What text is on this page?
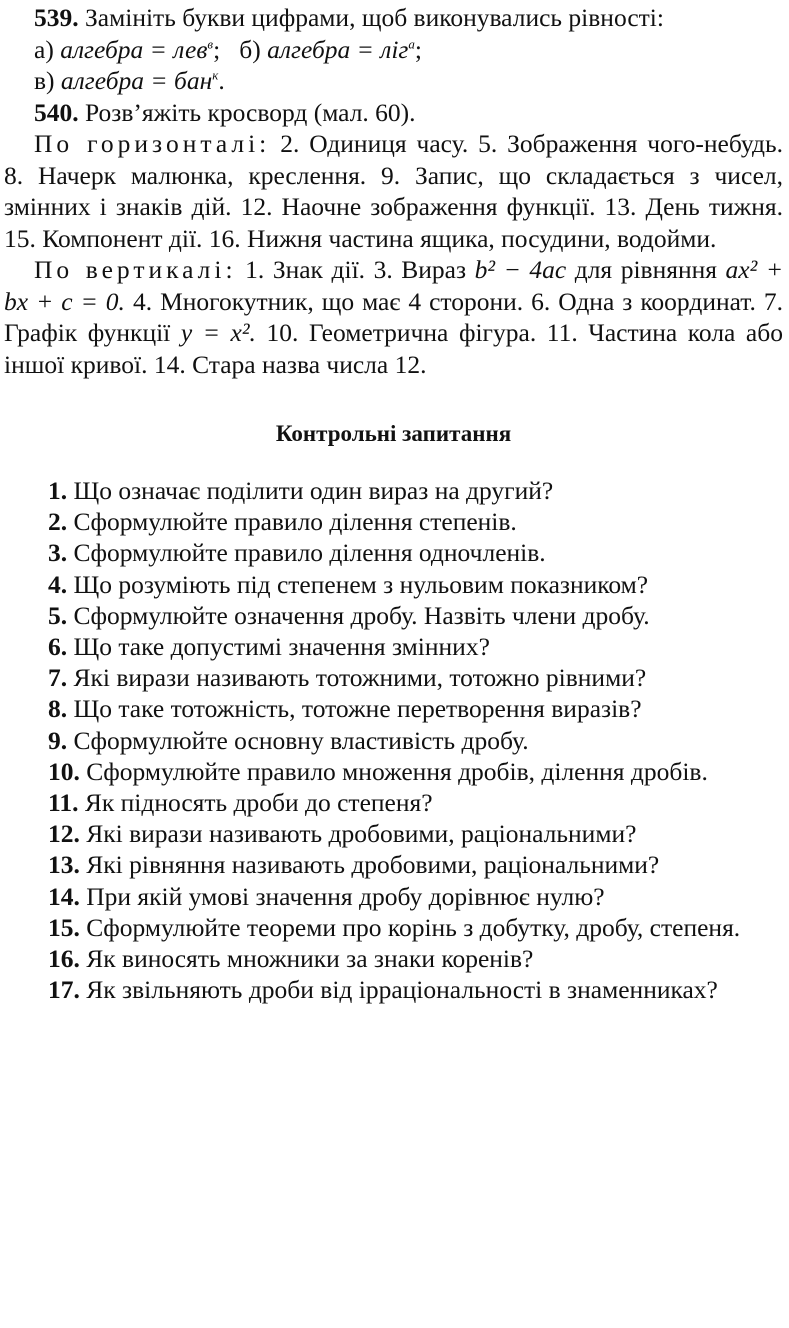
539. Замініть букви цифрами, щоб виконувались рівності:

а) алгебра = лев$^в$; б) алгебра = ліг$^а$;

в) алгебра = бан$^к$.

540. Розв’яжіть кросворд (мал. 60).

По горизонталі: 2. Одиниця часу. 5. Зображення чого-небудь. 8. Начерк малюнка, креслення. 9. Запис, що складається з чисел, змінних і знаків дій. 12. Наочне зображення функції. 13. День тижня. 15. Компонент дії. 16. Нижня частина ящика, посудини, водойми.

По вертикалі: 1. Знак дії. 3. Вираз b² − 4ac для рівняння ax² + bx + c = 0. 4. Многокутник, що має 4 сторони. 6. Одна з координат. 7. Графік функції y = x². 10. Геометрична фігура. 11. Частина кола або іншої кривої. 14. Стара назва числа 12.

Контрольні запитання

1. Що означає поділити один вираз на другий?

2. Сформулюйте правило ділення степенів.

3. Сформулюйте правило ділення одночленів.

4. Що розуміють під степенем з нульовим показником?

5. Сформулюйте означення дробу. Назвіть члени дробу.

6. Що таке допустимі значення змінних?

7. Які вирази називають тотожними, тотожно рівними?

8. Що таке тотожність, тотожне перетворення виразів?

9. Сформулюйте основну властивість дробу.

10. Сформулюйте правило множення дробів, ділення дробів.

11. Як підносять дроби до степеня?

12. Які вирази називають дробовими, раціональними?

13. Які рівняння називають дробовими, раціональними?

14. При якій умові значення дробу дорівнює нулю?

15. Сформулюйте теореми про корінь з добутку, дробу, степеня.

16. Як виносять множники за знаки коренів?

17. Як звільняють дроби від ірраціональності в знаменниках?
